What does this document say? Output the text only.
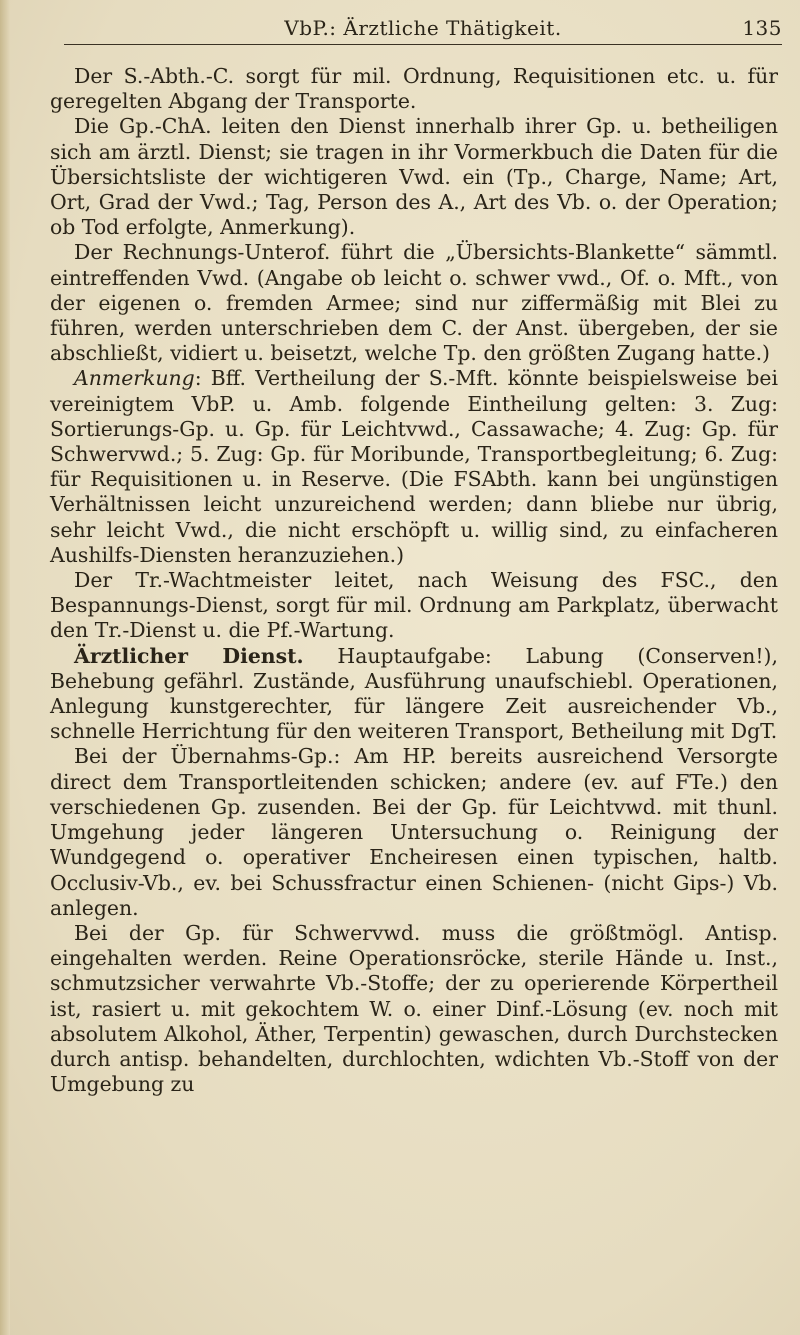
VbP.: Ärztliche Thätigkeit.	135

Der S.-Abth.-C. sorgt für mil. Ordnung, Requisitionen etc. u. für geregelten Abgang der Transporte.

Die Gp.-ChA. leiten den Dienst innerhalb ihrer Gp. u. betheiligen sich am ärztl. Dienst; sie tragen in ihr Vormerkbuch die Daten für die Übersichtsliste der wichtigeren Vwd. ein (Tp., Charge, Name; Art, Ort, Grad der Vwd.; Tag, Person des A., Art des Vb. o. der Operation; ob Tod erfolgte, Anmerkung).

Der Rechnungs-Unterof. führt die „Übersichts-Blankette“ sämmtl. eintreffenden Vwd. (Angabe ob leicht o. schwer vwd., Of. o. Mft., von der eigenen o. fremden Armee; sind nur ziffermäßig mit Blei zu führen, werden unterschrieben dem C. der Anst. übergeben, der sie abschließt, vidiert u. beisetzt, welche Tp. den größten Zugang hatte.)

Anmerkung: Bff. Vertheilung der S.-Mft. könnte beispielsweise bei vereinigtem VbP. u. Amb. folgende Eintheilung gelten: 3. Zug: Sortierungs-Gp. u. Gp. für Leichtvwd., Cassawache; 4. Zug: Gp. für Schwervwd.; 5. Zug: Gp. für Moribunde, Transportbegleitung; 6. Zug: für Requisitionen u. in Reserve. (Die FSAbth. kann bei ungünstigen Verhältnissen leicht unzureichend werden; dann bliebe nur übrig, sehr leicht Vwd., die nicht erschöpft u. willig sind, zu einfacheren Aushilfs-Diensten heranzuziehen.)

Der Tr.-Wachtmeister leitet, nach Weisung des FSC., den Bespannungs-Dienst, sorgt für mil. Ordnung am Parkplatz, überwacht den Tr.-Dienst u. die Pf.-Wartung.

Ärztlicher Dienst. Hauptaufgabe: Labung (Conserven!), Behebung gefährl. Zustände, Ausführung unaufschiebl. Operationen, Anlegung kunstgerechter, für längere Zeit ausreichender Vb., schnelle Herrichtung für den weiteren Transport, Betheilung mit DgT.

Bei der Übernahms-Gp.: Am HP. bereits ausreichend Versorgte direct dem Transportleitenden schicken; andere (ev. auf FTe.) den verschiedenen Gp. zusenden. Bei der Gp. für Leichtvwd. mit thunl. Umgehung jeder längeren Untersuchung o. Reinigung der Wundgegend o. operativer Encheiresen einen typischen, haltb. Occlusiv-Vb., ev. bei Schussfractur einen Schienen- (nicht Gips-) Vb. anlegen.

Bei der Gp. für Schwervwd. muss die größtmögl. Antisp. eingehalten werden. Reine Operationsröcke, sterile Hände u. Inst., schmutzsicher verwahrte Vb.-Stoffe; der zu operierende Körpertheil ist, rasiert u. mit gekochtem W. o. einer Dinf.-Lösung (ev. noch mit absolutem Alkohol, Äther, Terpentin) gewaschen, durch Durchstecken durch antisp. behandelten, durchlochten, wdichten Vb.-Stoff von der Umgebung zu
